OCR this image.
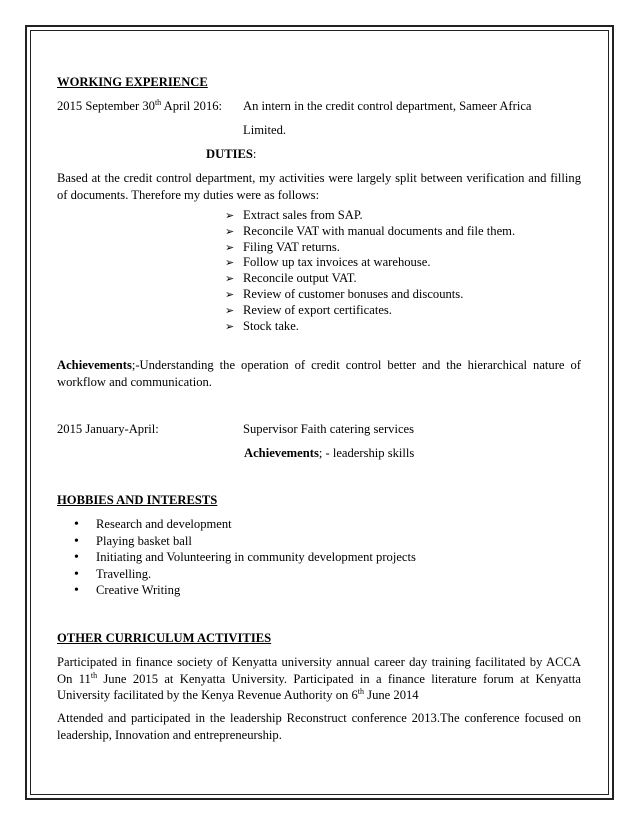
WORKING EXPERIENCE
2015 September 30th April 2016: An intern in the credit control department, Sameer Africa
Limited.
DUTIES:
Based at the credit control department, my activities were largely split between verification and filling of documents. Therefore my duties were as follows:
➢ Extract sales from SAP.
➢ Reconcile VAT with manual documents and file them.
➢ Filing VAT returns.
➢ Follow up tax invoices at warehouse.
➢ Reconcile output VAT.
➢ Review of customer bonuses and discounts.
➢ Review of export certificates.
➢ Stock take.
Achievements;-Understanding the operation of credit control better and the hierarchical nature of workflow and communication.
2015 January-April:	Supervisor Faith catering services
Achievements; - leadership skills
HOBBIES AND INTERESTS
• Research and development
• Playing basket ball
• Initiating and Volunteering in community development projects
• Travelling.
• Creative Writing
OTHER CURRICULUM ACTIVITIES
Participated in finance society of Kenyatta university annual career day training facilitated by ACCA On 11th June 2015 at Kenyatta University. Participated in a finance literature forum at Kenyatta University facilitated by the Kenya Revenue Authority on 6th June 2014
Attended and participated in the leadership Reconstruct conference 2013.The conference focused on leadership, Innovation and entrepreneurship.
